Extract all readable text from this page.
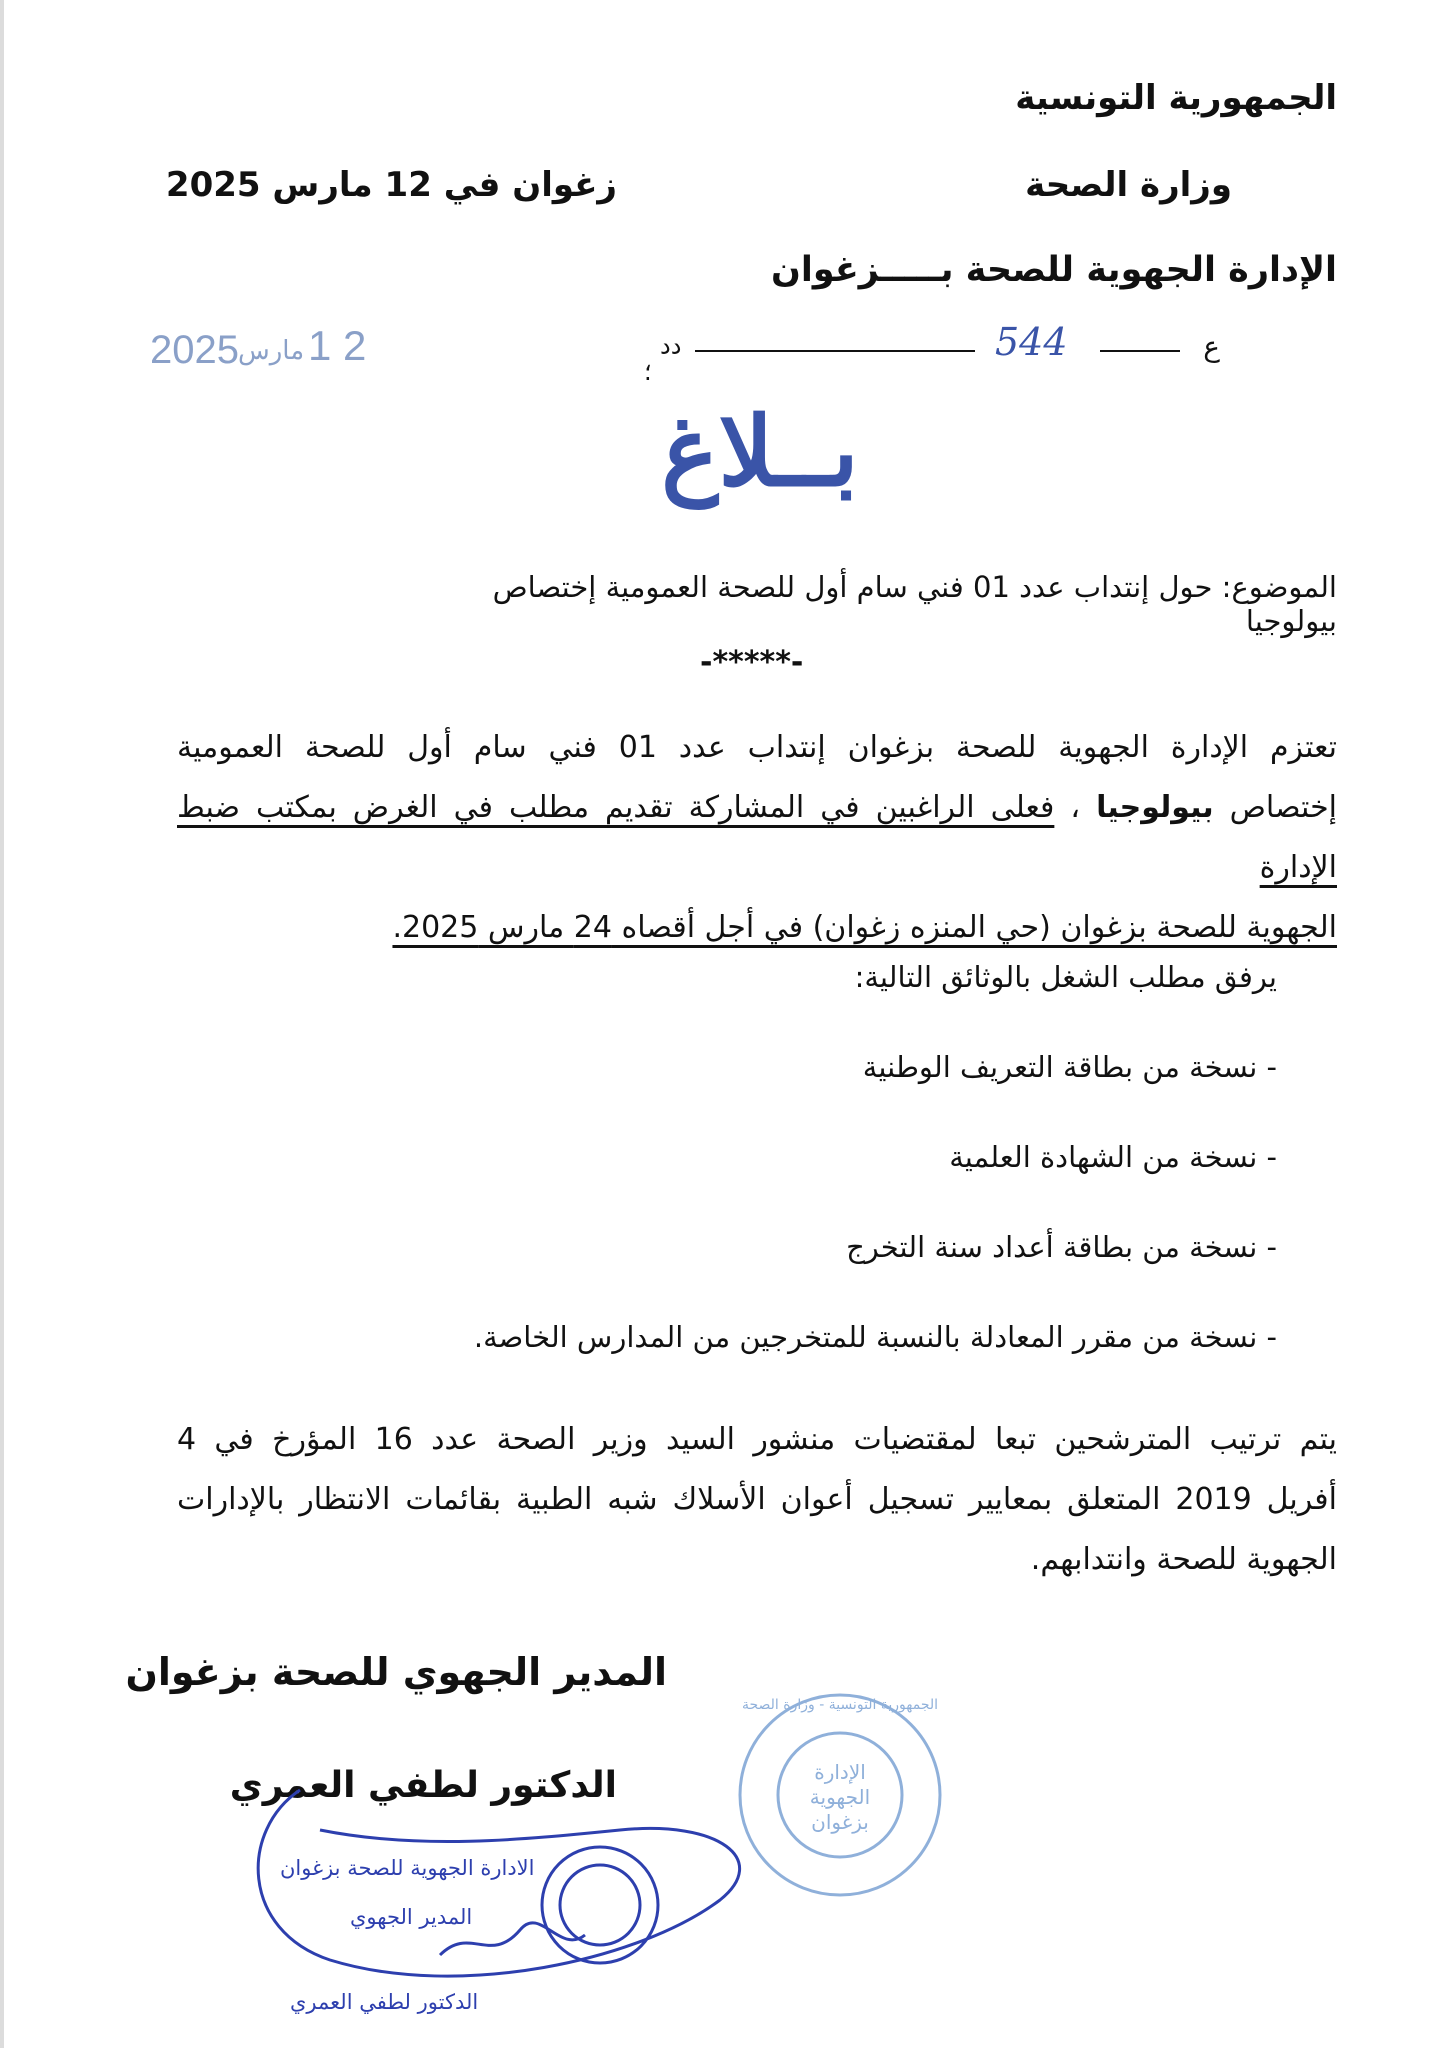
الجمهورية التونسية
وزارة الصحة
الإدارة الجهوية للصحة بـــــزغوان
زغوان في 12 مارس 2025
2025 مارس 1 2	ع
544
دد
؛
بــلاغ
الموضوع: حول إنتداب عدد 01 فني سام أول للصحة العمومية إختصاص بيولوجيا
-*****-
تعتزم الإدارة الجهوية للصحة بزغوان إنتداب عدد 01 فني سام أول للصحة العمومية
إختصاص بيولوجيا ، فعلى الراغبين في المشاركة تقديم مطلب في الغرض بمكتب ضبط الإدارة
الجهوية للصحة بزغوان (حي المنزه زغوان) في أجل أقصاه 24 مارس 2025.
يرفق مطلب الشغل بالوثائق التالية:
- نسخة من بطاقة التعريف الوطنية
- نسخة من الشهادة العلمية
- نسخة من بطاقة أعداد سنة التخرج
- نسخة من مقرر المعادلة بالنسبة للمتخرجين من المدارس الخاصة.
يتم ترتيب المترشحين تبعا لمقتضيات منشور السيد وزير الصحة عدد 16 المؤرخ في 4
أفريل 2019 المتعلق بمعايير تسجيل أعوان الأسلاك شبه الطبية بقائمات الانتظار بالإدارات
الجهوية للصحة وانتدابهم.
المدير الجهوي للصحة بزغوان
الدكتور لطفي العمري
الجمهورية التونسية - وزارة الصحة
الإدارة
الجهوية
بزغوان
الادارة الجهوية للصحة بزغوان
المدير الجهوي
الدكتور لطفي العمري
